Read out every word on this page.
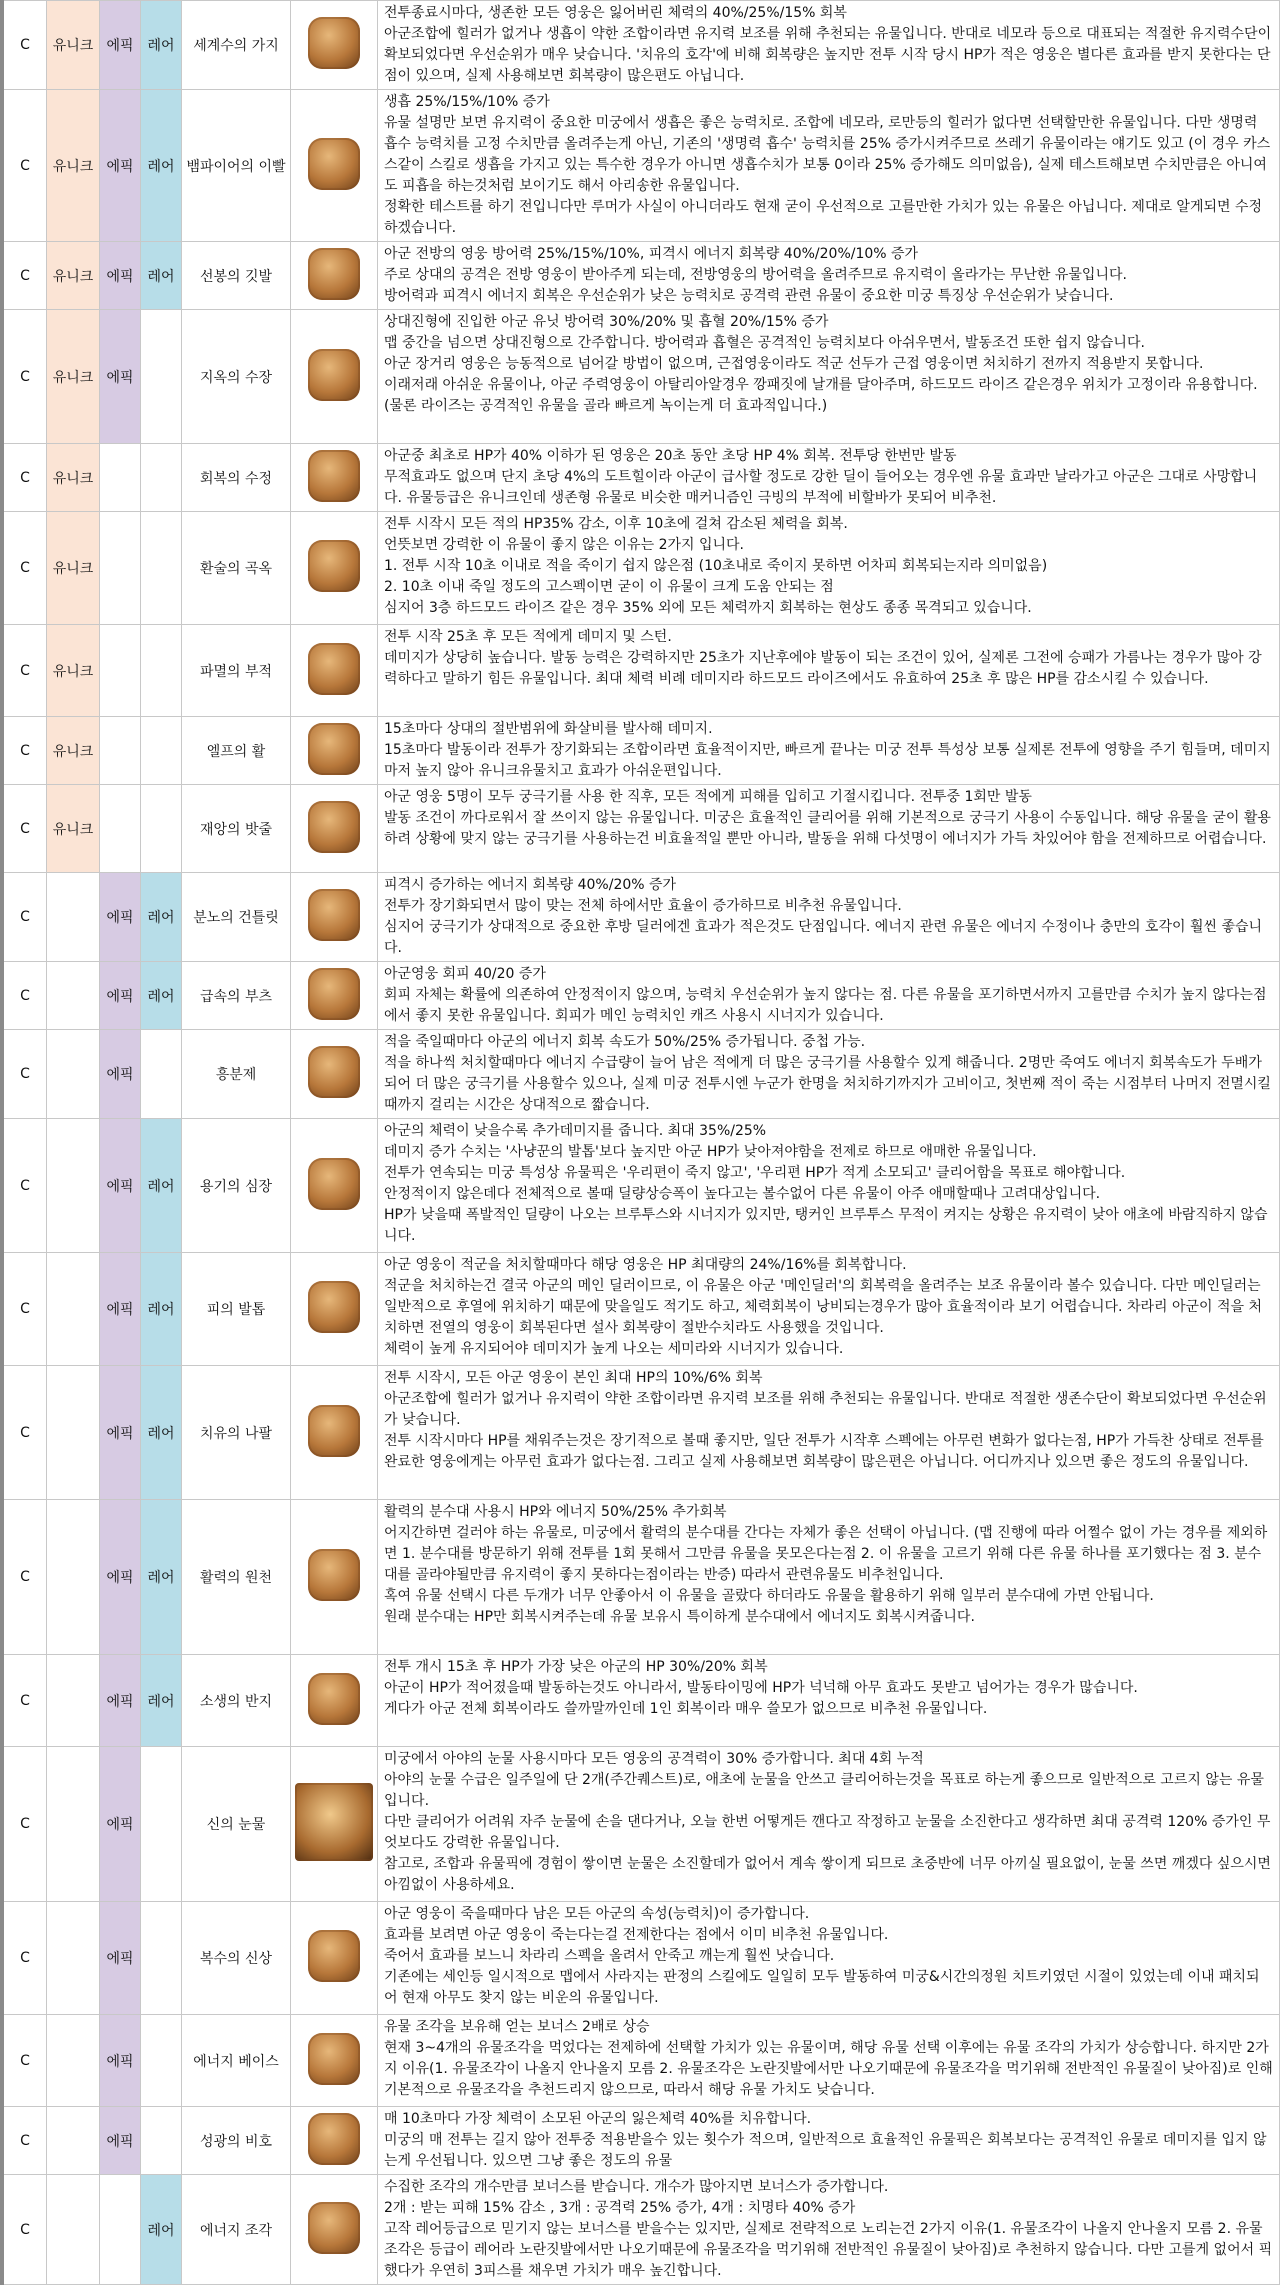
C	유니크	에픽	레어	세계수의 가지		전투종료시마다, 생존한 모든 영웅은 잃어버린 체력의 40%/25%/15% 회복
아군조합에 힐러가 없거나 생흡이 약한 조합이라면 유지력 보조를 위해 추천되는 유물입니다. 반대로 네모라 등으로 대표되는 적절한 유지력수단이 확보되었다면 우선순위가 매우 낮습니다. '치유의 호각'에 비해 회복량은 높지만 전투 시작 당시 HP가 적은 영웅은 별다른 효과를 받지 못한다는 단점이 있으며, 실제 사용해보면 회복량이 많은편도 아닙니다.

C	유니크	에픽	레어	뱀파이어의 이빨		생흡 25%/15%/10% 증가
유물 설명만 보면 유지력이 중요한 미궁에서 생흡은 좋은 능력치로. 조합에 네모라, 로만등의 힐러가 없다면 선택할만한 유물입니다. 다만 생명력 흡수 능력치를 고정 수치만큼 올려주는게 아닌, 기존의 '생명력 흡수' 능력치를 25% 증가시켜주므로 쓰레기 유물이라는 얘기도 있고 (이 경우 카스스같이 스킬로 생흡을 가지고 있는 특수한 경우가 아니면 생흡수치가 보통 0이라 25% 증가해도 의미없음), 실제 테스트해보면 수치만큼은 아니여도 피흡을 하는것처럼 보이기도 해서 아리송한 유물입니다.
정확한 테스트를 하기 전입니다만 루머가 사실이 아니더라도 현재 굳이 우선적으로 고를만한 가치가 있는 유물은 아닙니다. 제대로 알게되면 수정하겠습니다.

C	유니크	에픽	레어	선봉의 깃발		아군 전방의 영웅 방어력 25%/15%/10%, 피격시 에너지 회복량 40%/20%/10% 증가
주로 상대의 공격은 전방 영웅이 받아주게 되는데, 전방영웅의 방어력을 올려주므로 유지력이 올라가는 무난한 유물입니다.
방어력과 피격시 에너지 회복은 우선순위가 낮은 능력치로 공격력 관련 유물이 중요한 미궁 특징상 우선순위가 낮습니다.

C	유니크	에픽		지옥의 수장		상대진형에 진입한 아군 유닛 방어력 30%/20% 및 흡혈 20%/15% 증가
맵 중간을 넘으면 상대진형으로 간주합니다. 방어력과 흡혈은 공격적인 능력치보다 아쉬우면서, 발동조건 또한 쉽지 않습니다.
아군 장거리 영웅은 능동적으로 넘어갈 방법이 없으며, 근접영웅이라도 적군 선두가 근접 영웅이면 처치하기 전까지 적용받지 못합니다.
이래저래 아쉬운 유물이나, 아군 주력영웅이 아탈리아알경우 깡패짓에 날개를 달아주며, 하드모드 라이즈 같은경우 위치가 고정이라 유용합니다. (물론 라이즈는 공격적인 유물을 골라 빠르게 녹이는게 더 효과적입니다.)

C	유니크			회복의 수정		아군중 최초로 HP가 40% 이하가 된 영웅은 20초 동안 초당 HP 4% 회복. 전투당 한번만 발동
무적효과도 없으며 단지 초당 4%의 도트힐이라 아군이 급사할 정도로 강한 딜이 들어오는 경우엔 유물 효과만 날라가고 아군은 그대로 사망합니다. 유물등급은 유니크인데 생존형 유물로 비슷한 매커니즘인 극빙의 부적에 비할바가 못되어 비추천.

C	유니크			환술의 곡옥		전투 시작시 모든 적의 HP35% 감소, 이후 10초에 걸쳐 감소된 체력을 회복.
언뜻보면 강력한 이 유물이 좋지 않은 이유는 2가지 입니다.
1. 전투 시작 10초 이내로 적을 죽이기 쉽지 않은점 (10초내로 죽이지 못하면 어차피 회복되는지라 의미없음)
2. 10초 이내 죽일 정도의 고스펙이면 굳이 이 유물이 크게 도움 안되는 점
심지어 3층 하드모드 라이즈 같은 경우 35% 외에 모든 체력까지 회복하는 현상도 종종 목격되고 있습니다.

C	유니크			파멸의 부적		전투 시작 25초 후 모든 적에게 데미지 및 스턴.
데미지가 상당히 높습니다. 발동 능력은 강력하지만 25초가 지난후에야 발동이 되는 조건이 있어, 실제론 그전에 승패가 가름나는 경우가 많아 강력하다고 말하기 힘든 유물입니다. 최대 체력 비례 데미지라 하드모드 라이즈에서도 유효하여 25초 후 많은 HP를 감소시킬 수 있습니다.

C	유니크			엘프의 활		15초마다 상대의 절반범위에 화살비를 발사해 데미지.
15초마다 발동이라 전투가 장기화되는 조합이라면 효율적이지만, 빠르게 끝나는 미궁 전투 특성상 보통 실제론 전투에 영향을 주기 힘들며, 데미지마저 높지 않아 유니크유물치고 효과가 아쉬운편입니다.

C	유니크			재앙의 밧줄		아군 영웅 5명이 모두 궁극기를 사용 한 직후, 모든 적에게 피해를 입히고 기절시킵니다. 전투중 1회만 발동
발동 조건이 까다로워서 잘 쓰이지 않는 유물입니다. 미궁은 효율적인 클리어를 위해 기본적으로 궁극기 사용이 수동입니다. 해당 유물을 굳이 활용하려 상황에 맞지 않는 궁극기를 사용하는건 비효율적일 뿐만 아니라, 발동을 위해 다섯명이 에너지가 가득 차있어야 함을 전제하므로 어렵습니다.

C		에픽	레어	분노의 건틀릿		피격시 증가하는 에너지 회복량 40%/20% 증가
전투가 장기화되면서 많이 맞는 전체 하에서만 효율이 증가하므로 비추천 유물입니다.
심지어 궁극기가 상대적으로 중요한 후방 딜러에겐 효과가 적은것도 단점입니다. 에너지 관련 유물은 에너지 수정이나 충만의 호각이 훨씬 좋습니다.

C		에픽	레어	급속의 부츠		아군영웅 회피 40/20 증가
회피 자체는 확률에 의존하여 안정적이지 않으며, 능력치 우선순위가 높지 않다는 점. 다른 유물을 포기하면서까지 고를만큼 수치가 높지 않다는점에서 좋지 못한 유물입니다. 회피가 메인 능력치인 캐즈 사용시 시너지가 있습니다.

C		에픽		흥분제		적을 죽일때마다 아군의 에너지 회복 속도가 50%/25% 증가됩니다. 중첩 가능.
적을 하나씩 처치할때마다 에너지 수급량이 늘어 남은 적에게 더 많은 궁극기를 사용할수 있게 해줍니다. 2명만 죽여도 에너지 회복속도가 두배가 되어 더 많은 궁극기를 사용할수 있으나, 실제 미궁 전투시엔 누군가 한명을 처치하기까지가 고비이고, 첫번째 적이 죽는 시점부터 나머지 전멸시킬때까지 걸리는 시간은 상대적으로 짧습니다.

C		에픽	레어	용기의 심장		아군의 체력이 낮을수록 추가데미지를 줍니다. 최대 35%/25%
데미지 증가 수치는 '사냥꾼의 발톱'보다 높지만 아군 HP가 낮아져야함을 전제로 하므로 애매한 유물입니다.
전투가 연속되는 미궁 특성상 유물픽은 '우리편이 죽지 않고', '우리편 HP가 적게 소모되고' 클리어함을 목표로 해야합니다.
안정적이지 않은데다 전체적으로 볼때 딜량상승폭이 높다고는 볼수없어 다른 유물이 아주 애매할때나 고려대상입니다.
HP가 낮을때 폭발적인 딜량이 나오는 브루투스와 시너지가 있지만, 탱커인 브루투스 무적이 켜지는 상황은 유지력이 낮아 애초에 바람직하지 않습니다.

C		에픽	레어	피의 발톱		아군 영웅이 적군을 처치할때마다 해당 영웅은 HP 최대량의 24%/16%를 회복합니다.
적군을 처치하는건 결국 아군의 메인 딜러이므로, 이 유물은 아군 '메인딜러'의 회복력을 올려주는 보조 유물이라 볼수 있습니다. 다만 메인딜러는 일반적으로 후열에 위치하기 때문에 맞을일도 적기도 하고, 체력회복이 낭비되는경우가 많아 효율적이라 보기 어렵습니다. 차라리 아군이 적을 처치하면 전열의 영웅이 회복된다면 설사 회복량이 절반수치라도 사용했을 것입니다.
체력이 높게 유지되어야 데미지가 높게 나오는 세미라와 시너지가 있습니다.

C		에픽	레어	치유의 나팔		전투 시작시, 모든 아군 영웅이 본인 최대 HP의 10%/6% 회복
아군조합에 힐러가 없거나 유지력이 약한 조합이라면 유지력 보조를 위해 추천되는 유물입니다. 반대로 적절한 생존수단이 확보되었다면 우선순위가 낮습니다.
전투 시작시마다 HP를 채워주는것은 장기적으로 볼때 좋지만, 일단 전투가 시작후 스펙에는 아무런 변화가 없다는점, HP가 가득찬 상태로 전투를 완료한 영웅에게는 아무런 효과가 없다는점. 그리고 실제 사용해보면 회복량이 많은편은 아닙니다. 어디까지나 있으면 좋은 정도의 유물입니다.

C		에픽	레어	활력의 원천		활력의 분수대 사용시 HP와 에너지 50%/25% 추가회복
어지간하면 걸러야 하는 유물로, 미궁에서 활력의 분수대를 간다는 자체가 좋은 선택이 아닙니다. (맵 진행에 따라 어쩔수 없이 가는 경우를 제외하면 1. 분수대를 방문하기 위해 전투를 1회 못해서 그만큼 유물을 못모은다는점 2. 이 유물을 고르기 위해 다른 유물 하나를 포기했다는 점 3. 분수대를 골라야될만큼 유지력이 좋지 못하다는점이라는 반증) 따라서 관련유물도 비추천입니다.
혹여 유물 선택시 다른 두개가 너무 안좋아서 이 유물을 골랐다 하더라도 유물을 활용하기 위해 일부러 분수대에 가면 안됩니다.
원래 분수대는 HP만 회복시켜주는데 유물 보유시 특이하게 분수대에서 에너지도 회복시켜줍니다.

C		에픽	레어	소생의 반지		전투 개시 15초 후 HP가 가장 낮은 아군의 HP 30%/20% 회복
아군이 HP가 적어졌을때 발동하는것도 아니라서, 발동타이밍에 HP가 넉넉해 아무 효과도 못받고 넘어가는 경우가 많습니다.
게다가 아군 전체 회복이라도 쓸까말까인데 1인 회복이라 매우 쓸모가 없으므로 비추천 유물입니다.

C		에픽		신의 눈물		미궁에서 아야의 눈물 사용시마다 모든 영웅의 공격력이 30% 증가합니다. 최대 4회 누적
아야의 눈물 수급은 일주일에 단 2개(주간퀘스트)로, 애초에 눈물을 안쓰고 클리어하는것을 목표로 하는게 좋으므로 일반적으로 고르지 않는 유물입니다.
다만 클리어가 어려워 자주 눈물에 손을 댄다거나, 오늘 한번 어떻게든 깬다고 작정하고 눈물을 소진한다고 생각하면 최대 공격력 120% 증가인 무엇보다도 강력한 유물입니다.
참고로, 조합과 유물픽에 경험이 쌓이면 눈물은 소진할데가 없어서 계속 쌓이게 되므로 초중반에 너무 아끼실 필요없이, 눈물 쓰면 깨겠다 싶으시면 아낌없이 사용하세요.

C		에픽		복수의 신상		아군 영웅이 죽을때마다 남은 모든 아군의 속성(능력치)이 증가합니다.
효과를 보려면 아군 영웅이 죽는다는걸 전제한다는 점에서 이미 비추천 유물입니다.
죽어서 효과를 보느니 차라리 스펙을 올려서 안죽고 깨는게 훨씬 낫습니다.
기존에는 세인등 일시적으로 맵에서 사라지는 판정의 스킬에도 일일히 모두 발동하여 미궁&시간의정원 치트키였던 시절이 있었는데 이내 패치되어 현재 아무도 찾지 않는 비운의 유물입니다.

C		에픽		에너지 베이스		유물 조각을 보유해 얻는 보너스 2배로 상승
현재 3~4개의 유물조각을 먹었다는 전제하에 선택할 가치가 있는 유물이며, 해당 유물 선택 이후에는 유물 조각의 가치가 상승합니다. 하지만 2가지 이유(1. 유물조각이 나올지 안나올지 모름 2. 유물조각은 노란짓발에서만 나오기때문에 유물조각을 먹기위해 전반적인 유물질이 낮아짐)로 인해 기본적으로 유물조각을 추천드리지 않으므로, 따라서 해당 유물 가치도 낮습니다.

C		에픽		성광의 비호		매 10초마다 가장 체력이 소모된 아군의 잃은체력 40%를 치유합니다.
미궁의 매 전투는 길지 않아 전투중 적용받을수 있는 횟수가 적으며, 일반적으로 효율적인 유물픽은 회복보다는 공격적인 유물로 데미지를 입지 않는게 우선됩니다. 있으면 그냥 좋은 정도의 유물

C			레어	에너지 조각		수집한 조각의 개수만큼 보너스를 받습니다. 개수가 많아지면 보너스가 증가합니다.
2개 : 받는 피해 15% 감소 , 3개 : 공격력 25% 증가, 4개 : 치명타 40% 증가
고작 레어등급으로 믿기지 않는 보너스를 받을수는 있지만, 실제로 전략적으로 노리는건 2가지 이유(1. 유물조각이 나올지 안나올지 모름 2. 유물조각은 등급이 레어라 노란짓발에서만 나오기때문에 유물조각을 먹기위해 전반적인 유물질이 낮아짐)로 추천하지 않습니다. 다만 고를게 없어서 픽했다가 우연히 3피스를 채우면 가치가 매우 높긴합니다.
